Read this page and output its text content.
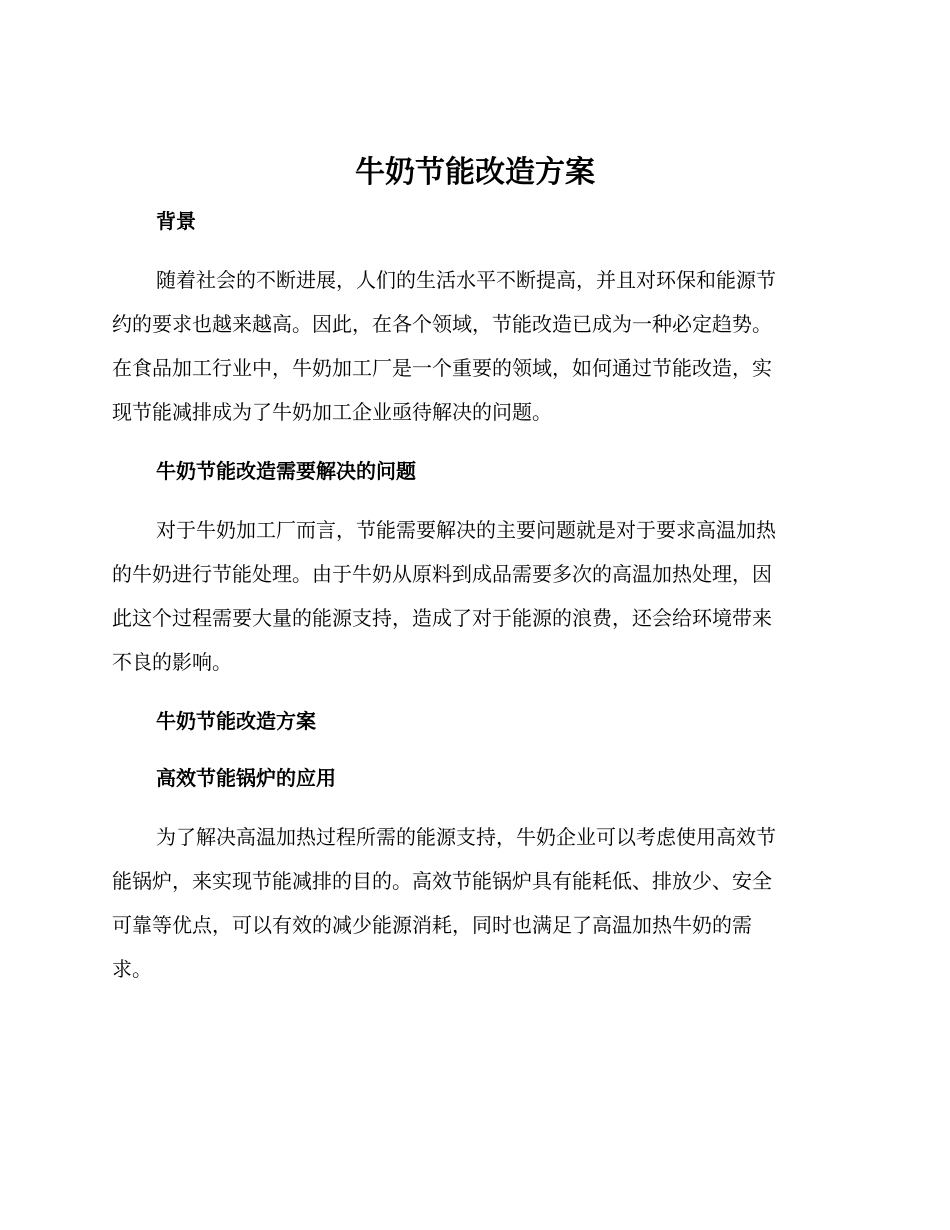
牛奶节能改造方案
背景
随着社会的不断进展，人们的生活水平不断提高，并且对环保和能源节
约的要求也越来越高。因此，在各个领域，节能改造已成为一种必定趋势。
在食品加工行业中，牛奶加工厂是一个重要的领域，如何通过节能改造，实
现节能减排成为了牛奶加工企业亟待解决的问题。
牛奶节能改造需要解决的问题
对于牛奶加工厂而言，节能需要解决的主要问题就是对于要求高温加热
的牛奶进行节能处理。由于牛奶从原料到成品需要多次的高温加热处理，因
此这个过程需要大量的能源支持，造成了对于能源的浪费，还会给环境带来
不良的影响。
牛奶节能改造方案
高效节能锅炉的应用
为了解决高温加热过程所需的能源支持，牛奶企业可以考虑使用高效节
能锅炉，来实现节能减排的目的。高效节能锅炉具有能耗低、排放少、安全
可靠等优点，可以有效的减少能源消耗，同时也满足了高温加热牛奶的需
求。
